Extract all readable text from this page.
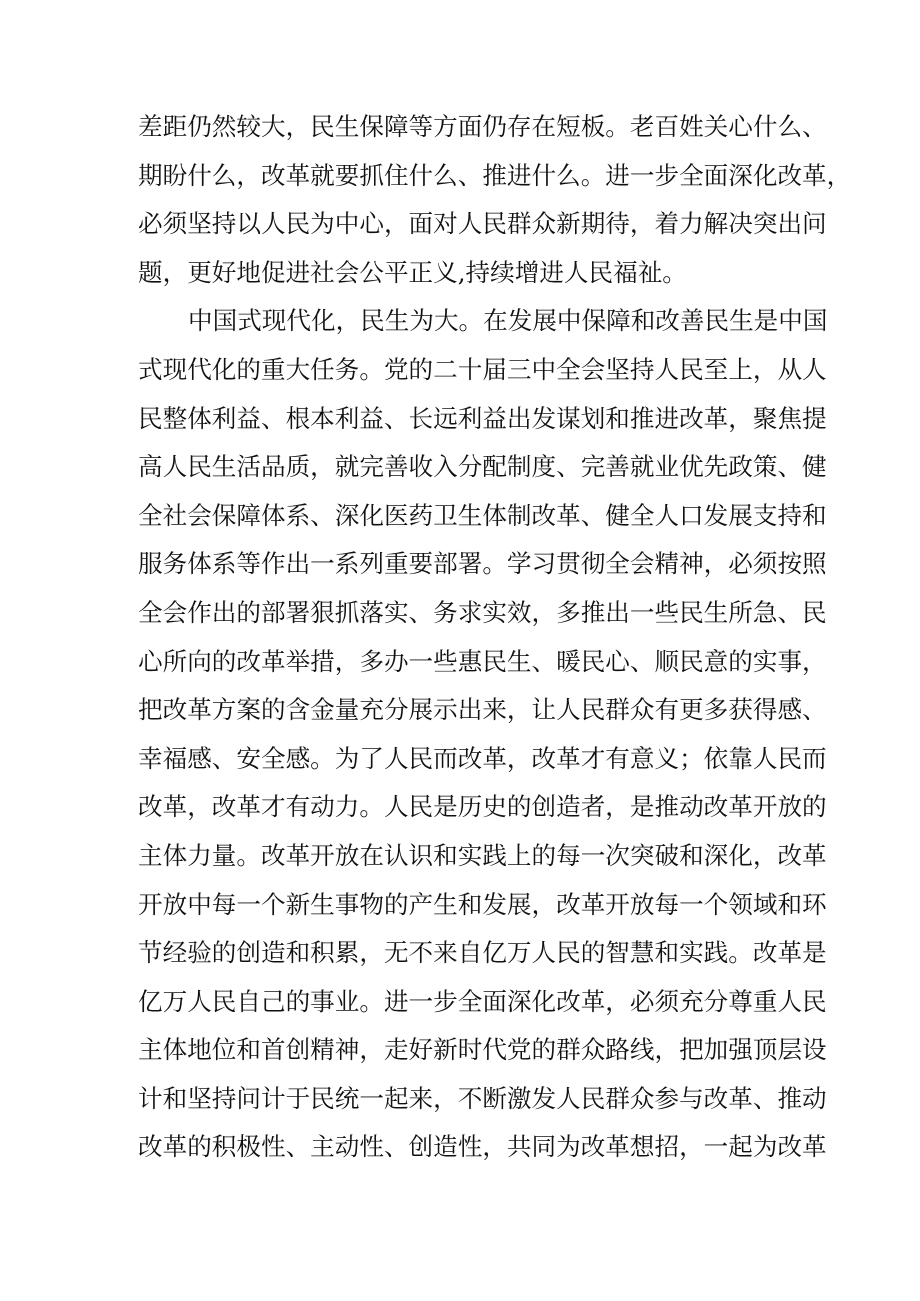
差距仍然较大，民生保障等方面仍存在短板。老百姓关心什么、
期盼什么，改革就要抓住什么、推进什么。进一步全面深化改革，
必须坚持以人民为中心，面对人民群众新期待，着力解决突出问
题，更好地促进社会公平正义,持续增进人民福祉。
中国式现代化，民生为大。在发展中保障和改善民生是中国
式现代化的重大任务。党的二十届三中全会坚持人民至上，从人
民整体利益、根本利益、长远利益出发谋划和推进改革，聚焦提
高人民生活品质，就完善收入分配制度、完善就业优先政策、健
全社会保障体系、深化医药卫生体制改革、健全人口发展支持和
服务体系等作出一系列重要部署。学习贯彻全会精神，必须按照
全会作出的部署狠抓落实、务求实效，多推出一些民生所急、民
心所向的改革举措，多办一些惠民生、暖民心、顺民意的实事，
把改革方案的含金量充分展示出来，让人民群众有更多获得感、
幸福感、安全感。为了人民而改革，改革才有意义；依靠人民而
改革，改革才有动力。人民是历史的创造者，是推动改革开放的
主体力量。改革开放在认识和实践上的每一次突破和深化，改革
开放中每一个新生事物的产生和发展，改革开放每一个领域和环
节经验的创造和积累，无不来自亿万人民的智慧和实践。改革是
亿万人民自己的事业。进一步全面深化改革，必须充分尊重人民
主体地位和首创精神，走好新时代党的群众路线，把加强顶层设
计和坚持问计于民统一起来，不断激发人民群众参与改革、推动
改革的积极性、主动性、创造性，共同为改革想招，一起为改革
